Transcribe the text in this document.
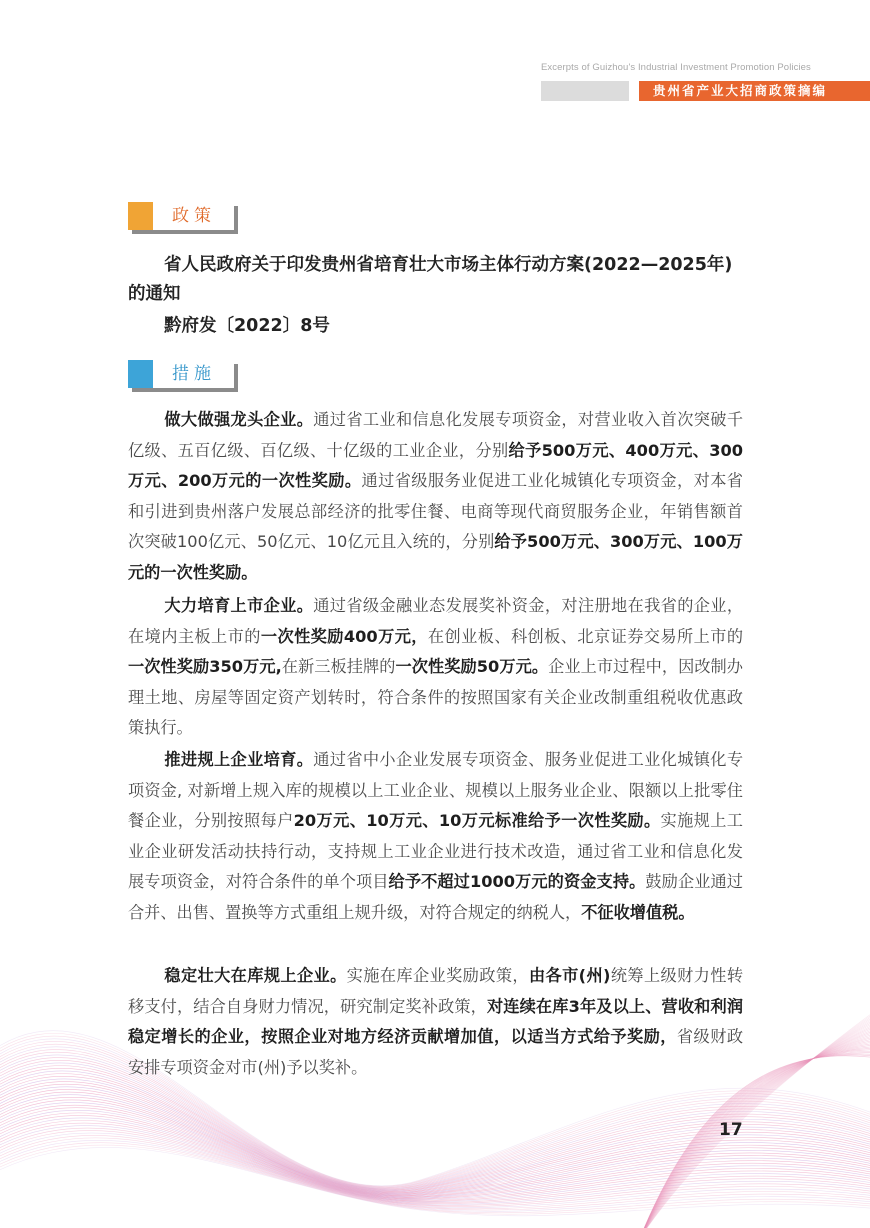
Excerpts of Guizhou's Industrial Investment Promotion Policies
贵州省产业大招商政策摘编
政策
省人民政府关于印发贵州省培育壮大市场主体行动方案(2022—2025年)的通知
黔府发〔2022〕8号
措施

做大做强龙头企业。通过省工业和信息化发展专项资金，对营业收入首次突破千亿级、五百亿级、百亿级、十亿级的工业企业，分别给予500万元、400万元、300万元、200万元的一次性奖励。通过省级服务业促进工业化城镇化专项资金，对本省和引进到贵州落户发展总部经济的批零住餐、电商等现代商贸服务企业，年销售额首次突破100亿元、50亿元、10亿元且入统的，分别给予500万元、300万元、100万元的一次性奖励。

大力培育上市企业。通过省级金融业态发展奖补资金，对注册地在我省的企业，在境内主板上市的一次性奖励400万元，在创业板、科创板、北京证券交易所上市的一次性奖励350万元,在新三板挂牌的一次性奖励50万元。企业上市过程中，因改制办理土地、房屋等固定资产划转时，符合条件的按照国家有关企业改制重组税收优惠政策执行。

推进规上企业培育。通过省中小企业发展专项资金、服务业促进工业化城镇化专项资金, 对新增上规入库的规模以上工业企业、规模以上服务业企业、限额以上批零住餐企业，分别按照每户20万元、10万元、10万元标准给予一次性奖励。实施规上工业企业研发活动扶持行动，支持规上工业企业进行技术改造，通过省工业和信息化发展专项资金，对符合条件的单个项目给予不超过1000万元的资金支持。鼓励企业通过合并、出售、置换等方式重组上规升级，对符合规定的纳税人，不征收增值税。

稳定壮大在库规上企业。实施在库企业奖励政策，由各市(州)统筹上级财力性转移支付，结合自身财力情况，研究制定奖补政策，对连续在库3年及以上、营收和利润稳定增长的企业，按照企业对地方经济贡献增加值，以适当方式给予奖励，省级财政安排专项资金对市(州)予以奖补。

17
